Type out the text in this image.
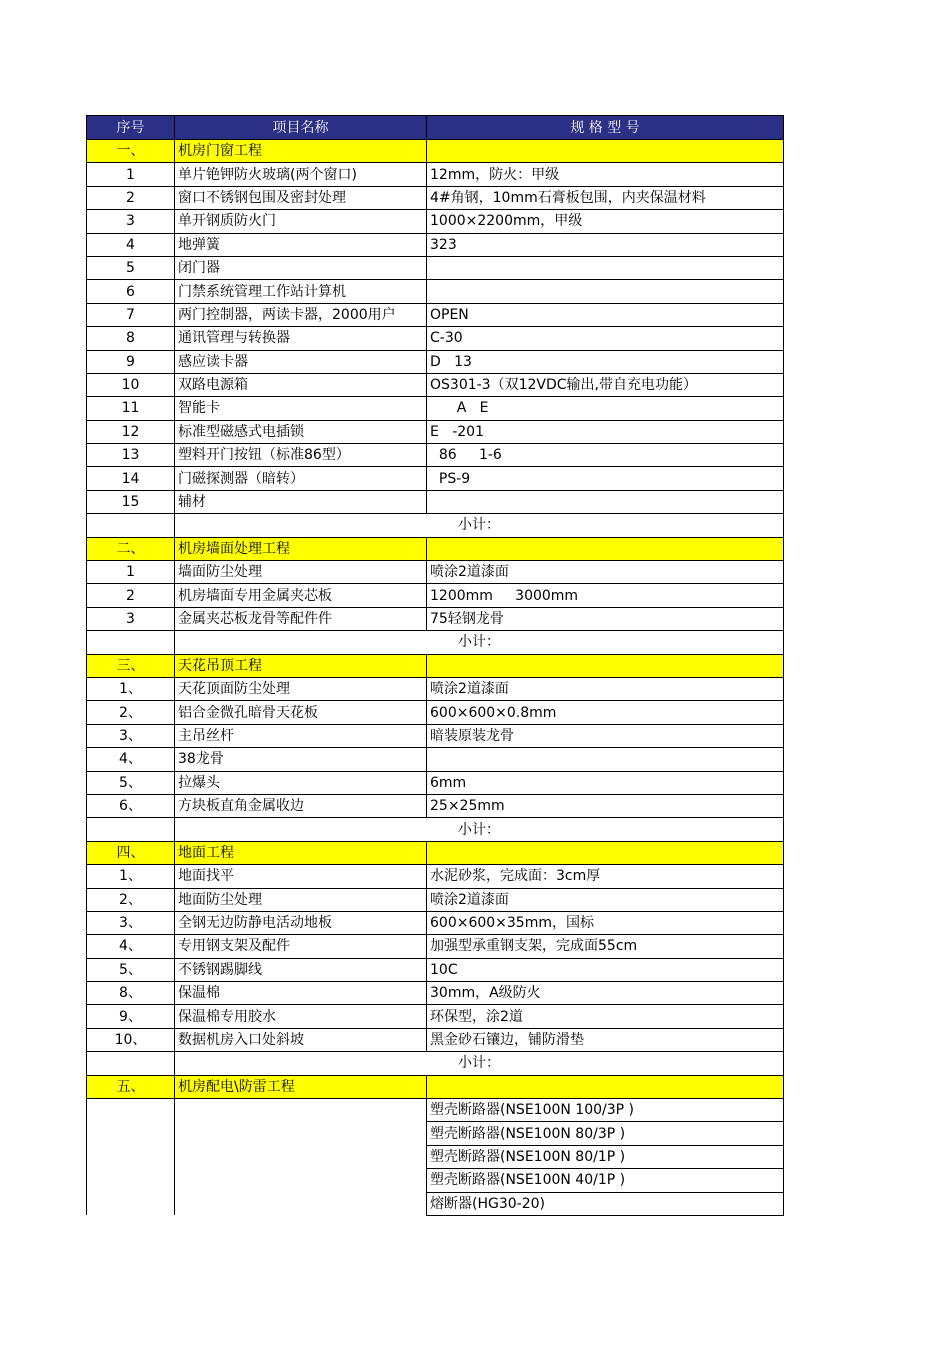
序号	项目名称	规 格 型 号
一、	机房门窗工程	
1	单片铯钾防火玻璃(两个窗口)	12mm，防火：甲级
2	窗口不锈钢包围及密封处理	4#角钢，10mm石膏板包围，内夹保温材料
3	单开钢质防火门	1000×2200mm，甲级
4	地弹簧	323
5	闭门器	
6	门禁系统管理工作站计算机	
7	两门控制器，两读卡器，2000用户	OPEN
8	通讯管理与转换器	C-30
9	感应读卡器	D   13
10	双路电源箱	OS301-3（双12VDC输出,带自充电功能）
11	智能卡	A   E
12	标准型磁感式电插锁	E   -201
13	塑料开门按钮（标准86型）	86     1-6
14	门磁探测器（暗转）	PS-9
15	辅材	
	小计：	
二、	机房墙面处理工程	
1	墙面防尘处理	喷涂2道漆面
2	机房墙面专用金属夹芯板	1200mm     3000mm
3	金属夹芯板龙骨等配件件	75轻钢龙骨
	小计：	
三、	天花吊顶工程	
1、	天花顶面防尘处理	喷涂2道漆面
2、	铝合金微孔暗骨天花板	600×600×0.8mm
3、	主吊丝杆	暗装原装龙骨
4、	38龙骨	
5、	拉爆头	6mm
6、	方块板直角金属收边	25×25mm
	小计：	
四、	地面工程	
1、	地面找平	水泥砂浆，完成面：3cm厚
2、	地面防尘处理	喷涂2道漆面
3、	全钢无边防静电活动地板	600×600×35mm，国标
4、	专用钢支架及配件	加强型承重钢支架，完成面55cm
5、	不锈钢踢脚线	10C
8、	保温棉	30mm，A级防火
9、	保温棉专用胶水	环保型，涂2道
10、	数据机房入口处斜坡	黑金砂石镶边，铺防滑垫
	小计：	
五、	机房配电\防雷工程	
		塑壳断路器(NSE100N 100/3P )
		塑壳断路器(NSE100N 80/3P )
		塑壳断路器(NSE100N 80/1P )
		塑壳断路器(NSE100N 40/1P )
		熔断器(HG30-20)
